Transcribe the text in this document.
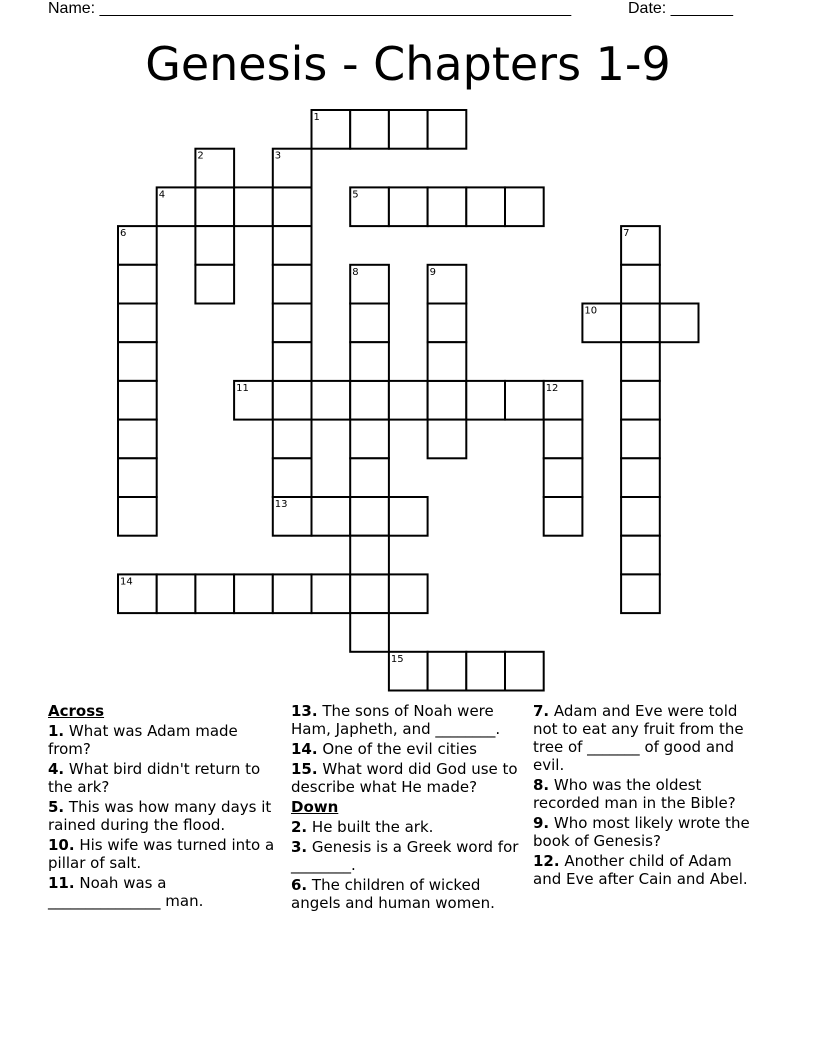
Name: _____________________________________________________	Date: _______
Genesis - Chapters 1-9
1
4	5
10
11
13
14
15
2	3
6	7
8	9
12
Across
1. What was Adam made from?
4. What bird didn't return to the ark?
5. This was how many days it rained during the flood.
10. His wife was turned into a pillar of salt.
11. Noah was a _______________ man.
13. The sons of Noah were Ham, Japheth, and ________.
14. One of the evil cities
15. What word did God use to describe what He made?
Down
2. He built the ark.
3. Genesis is a Greek word for ________.
6. The children of wicked angels and human women.
7. Adam and Eve were told not to eat any fruit from the tree of _______ of good and evil.
8. Who was the oldest recorded man in the Bible?
9. Who most likely wrote the book of Genesis?
12. Another child of Adam and Eve after Cain and Abel.
